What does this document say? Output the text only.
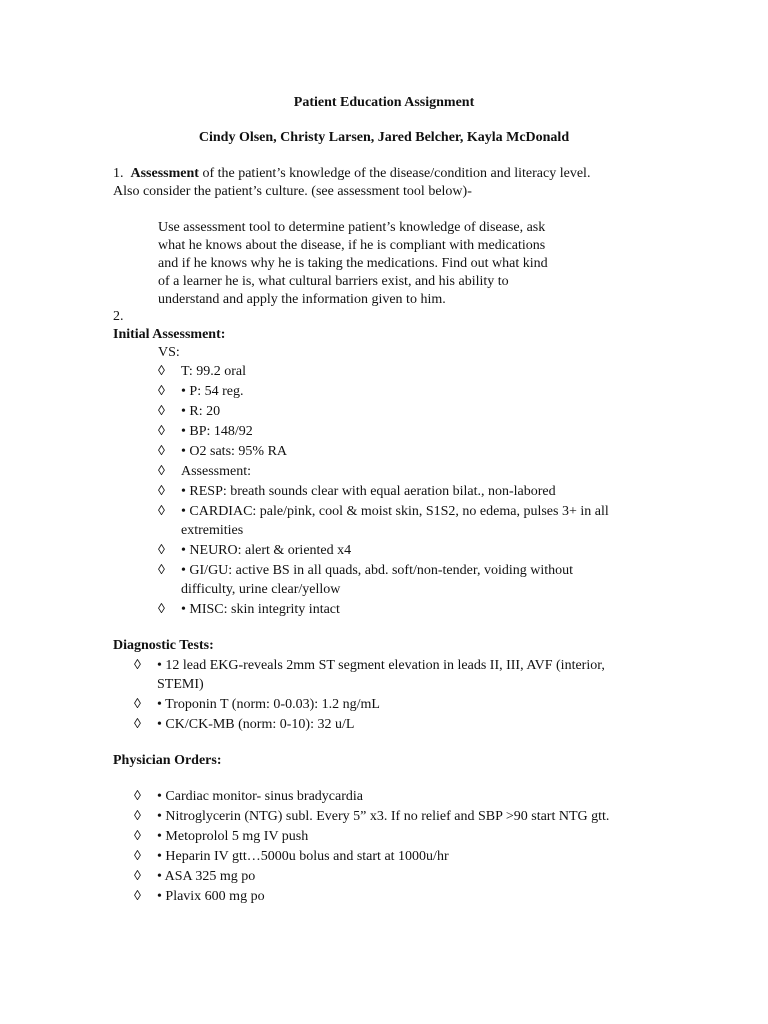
Patient Education Assignment
Cindy Olsen, Christy Larsen, Jared Belcher, Kayla McDonald
1. Assessment of the patient’s knowledge of the disease/condition and literacy level.
Also consider the patient’s culture. (see assessment tool below)-
Use assessment tool to determine patient’s knowledge of disease, ask
what he knows about the disease, if he is compliant with medications
and if he knows why he is taking the medications. Find out what kind
of a learner he is, what cultural barriers exist, and his ability to
understand and apply the information given to him.
2.
Initial Assessment:
VS:
◊ T: 99.2 oral
◊ • P: 54 reg.
◊ • R: 20
◊ • BP: 148/92
◊ • O2 sats: 95% RA
◊ Assessment:
◊ • RESP: breath sounds clear with equal aeration bilat., non-labored
◊ • CARDIAC: pale/pink, cool & moist skin, S1S2, no edema, pulses 3+ in all
extremities
◊ • NEURO: alert & oriented x4
◊ • GI/GU: active BS in all quads, abd. soft/non-tender, voiding without
difficulty, urine clear/yellow
◊ • MISC: skin integrity intact
Diagnostic Tests:
◊ • 12 lead EKG-reveals 2mm ST segment elevation in leads II, III, AVF (interior,
STEMI)
◊ • Troponin T (norm: 0-0.03): 1.2 ng/mL
◊ • CK/CK-MB (norm: 0-10): 32 u/L
Physician Orders:
◊ • Cardiac monitor- sinus bradycardia
◊ • Nitroglycerin (NTG) subl. Every 5” x3. If no relief and SBP >90 start NTG gtt.
◊ • Metoprolol 5 mg IV push
◊ • Heparin IV gtt…5000u bolus and start at 1000u/hr
◊ • ASA 325 mg po
◊ • Plavix 600 mg po
